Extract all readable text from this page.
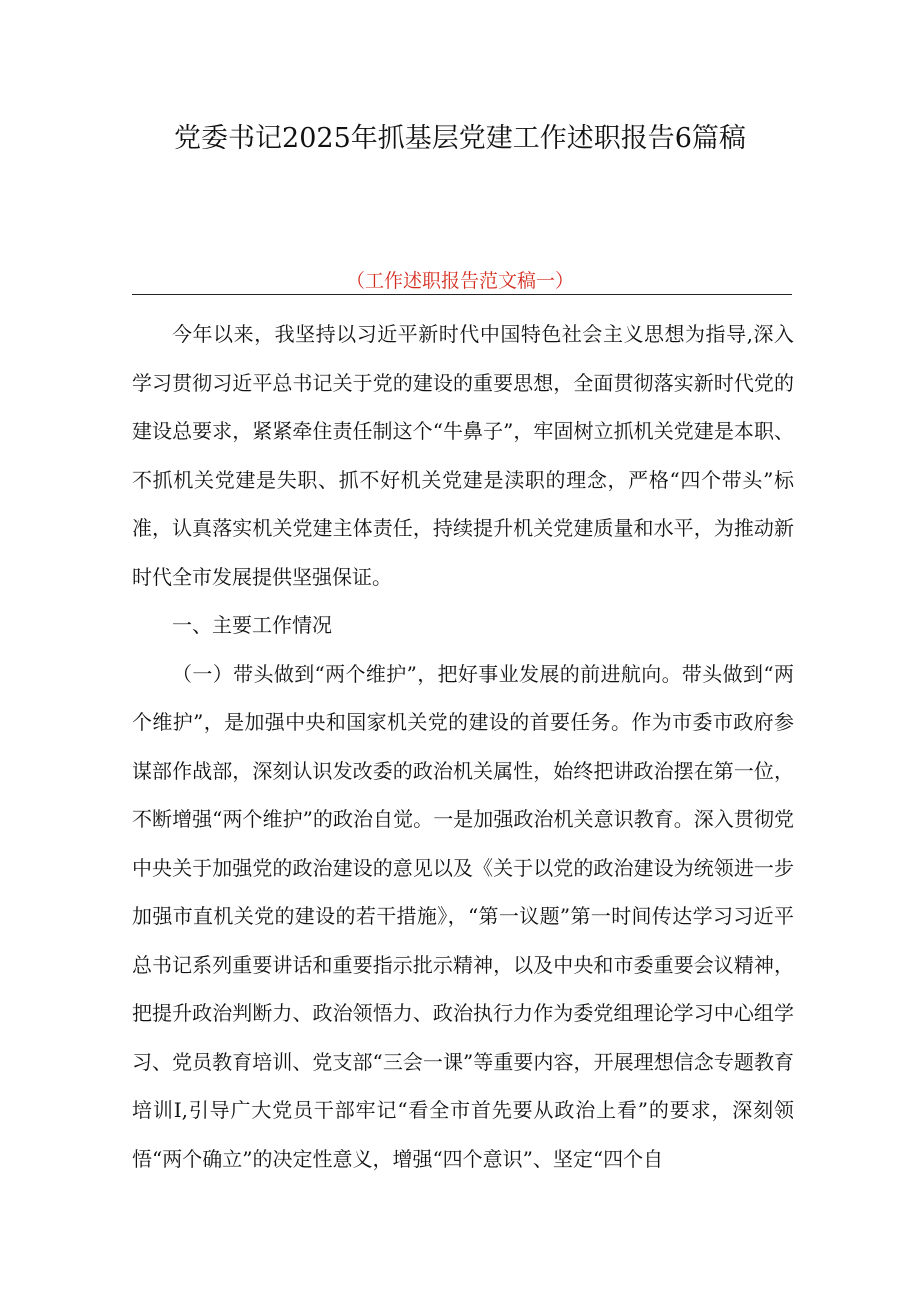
党委书记2025年抓基层党建工作述职报告6篇稿
（工作述职报告范文稿一）

今年以来，我坚持以习近平新时代中国特色社会主义思想为指导,深入学习贯彻习近平总书记关于党的建设的重要思想，全面贯彻落实新时代党的建设总要求，紧紧牵住责任制这个“牛鼻子”，牢固树立抓机关党建是本职、不抓机关党建是失职、抓不好机关党建是渎职的理念，严格“四个带头”标准，认真落实机关党建主体责任，持续提升机关党建质量和水平，为推动新时代全市发展提供坚强保证。

一、主要工作情况

（一）带头做到“两个维护”，把好事业发展的前进航向。带头做到“两个维护”，是加强中央和国家机关党的建设的首要任务。作为市委市政府参谋部作战部，深刻认识发改委的政治机关属性，始终把讲政治摆在第一位，不断增强“两个维护”的政治自觉。一是加强政治机关意识教育。深入贯彻党中央关于加强党的政治建设的意见以及《关于以党的政治建设为统领进一步加强市直机关党的建设的若干措施》，“第一议题”第一时间传达学习习近平总书记系列重要讲话和重要指示批示精神，以及中央和市委重要会议精神，把提升政治判断力、政治领悟力、政治执行力作为委党组理论学习中心组学习、党员教育培训、党支部“三会一课”等重要内容，开展理想信念专题教育培训I,引导广大党员干部牢记“看全市首先要从政治上看”的要求，深刻领悟“两个确立”的决定性意义，增强“四个意识”、坚定“四个自
